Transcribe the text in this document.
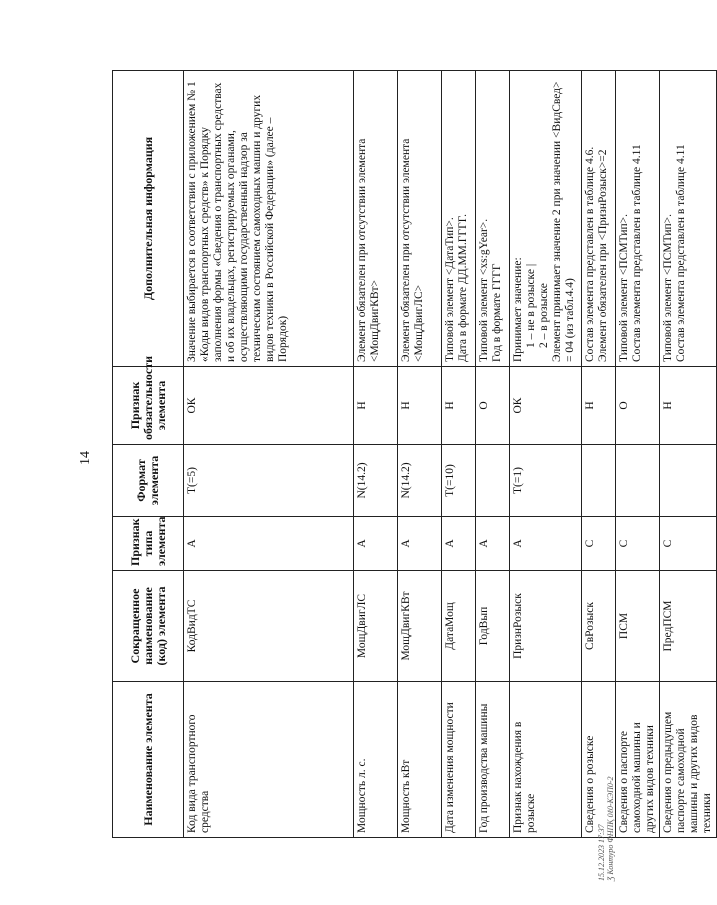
14
Наименование элемента	Сокращенное наименование (код) элемента	Признак типа элемента	Формат элемента	Признак обязательности элемента	Дополнительная информация
Код вида транспортного средства	КодВидТС	А	T(=5)	ОК	Значение выбирается в соответствии с приложением № 1 «Коды видов транспортных средств» к Порядку заполнения формы «Сведения о транспортных средствах и об их владельцах, регистрируемых органами, осуществляющими государственный надзор за техническим состоянием самоходных машин и других видов техники в Российской Федерации» (далее – Порядок)

Мощность л. с.	МощДвигЛС	А	N(14.2)	Н	Элемент обязателен при отсутствии элемента <МощДвигКВт>

Мощность кВт	МощДвигКВт	А	N(14.2)	Н	Элемент обязателен при отсутствии элемента <МощДвигЛС>

Дата изменения мощности	ДатаМощ	А	T(=10)	Н	Типовой элемент <ДатаТип>. Дата в формате ДД.ММ.ГГГГ.

Год производства машины	ГодВып	А		О	Типовой элемент <xs:gYear>. Год в формате ГГГГ

Признак нахождения в розыске	ПризнРозыск	А	T(=1)	ОК	Принимает значение: 1 – не в розыске | 2 – в розыске Элемент принимает значение 2 при значении <ВидСвед> = 04 (из табл.4.4)

Сведения о розыске	СвРозыск	С		Н	Состав элемента представлен в таблице 4.6. Элемент обязателен при <ПризнРозыск>=2

Сведения о паспорте самоходной машины и других видов техники	ПСМ	С		О	Типовой элемент <ПСМТип>. Состав элемента представлен в таблице 4.11

Сведения о предыдущем паспорте самоходной машины и других видов техники	ПредПСМ	С		Н	Типовой элемент <ПСМТип>. Состав элемента представлен в таблице 4.11
15.12.2023 17:37 Ʒ Контурo ФНПҚ 0ℓ0-КЭП0-2
